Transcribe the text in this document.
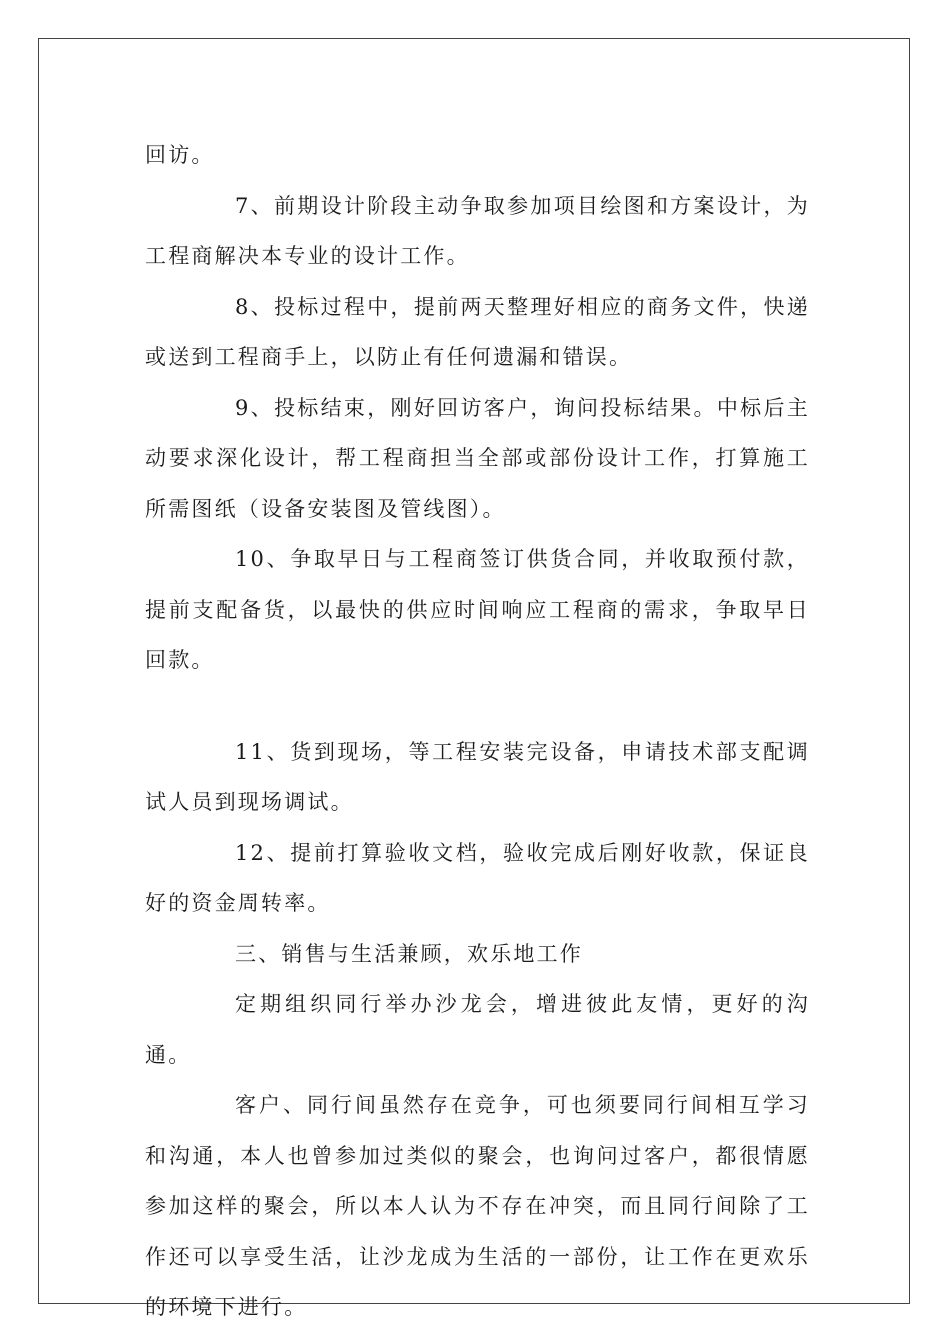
回访。

7、前期设计阶段主动争取参加项目绘图和方案设计，为工程商解决本专业的设计工作。

8、投标过程中，提前两天整理好相应的商务文件，快递或送到工程商手上，以防止有任何遗漏和错误。

9、投标结束，刚好回访客户，询问投标结果。中标后主动要求深化设计，帮工程商担当全部或部份设计工作，打算施工所需图纸（设备安装图及管线图）。

10、争取早日与工程商签订供货合同，并收取预付款，提前支配备货，以最快的供应时间响应工程商的需求，争取早日回款。

11、货到现场，等工程安装完设备，申请技术部支配调试人员到现场调试。

12、提前打算验收文档，验收完成后刚好收款，保证良好的资金周转率。

三、销售与生活兼顾，欢乐地工作

定期组织同行举办沙龙会，增进彼此友情，更好的沟通。

客户、同行间虽然存在竞争，可也须要同行间相互学习和沟通，本人也曾参加过类似的聚会，也询问过客户，都很情愿参加这样的聚会，所以本人认为不存在冲突，而且同行间除了工作还可以享受生活，让沙龙成为生活的一部份，让工作在更欢乐的环境下进行。
